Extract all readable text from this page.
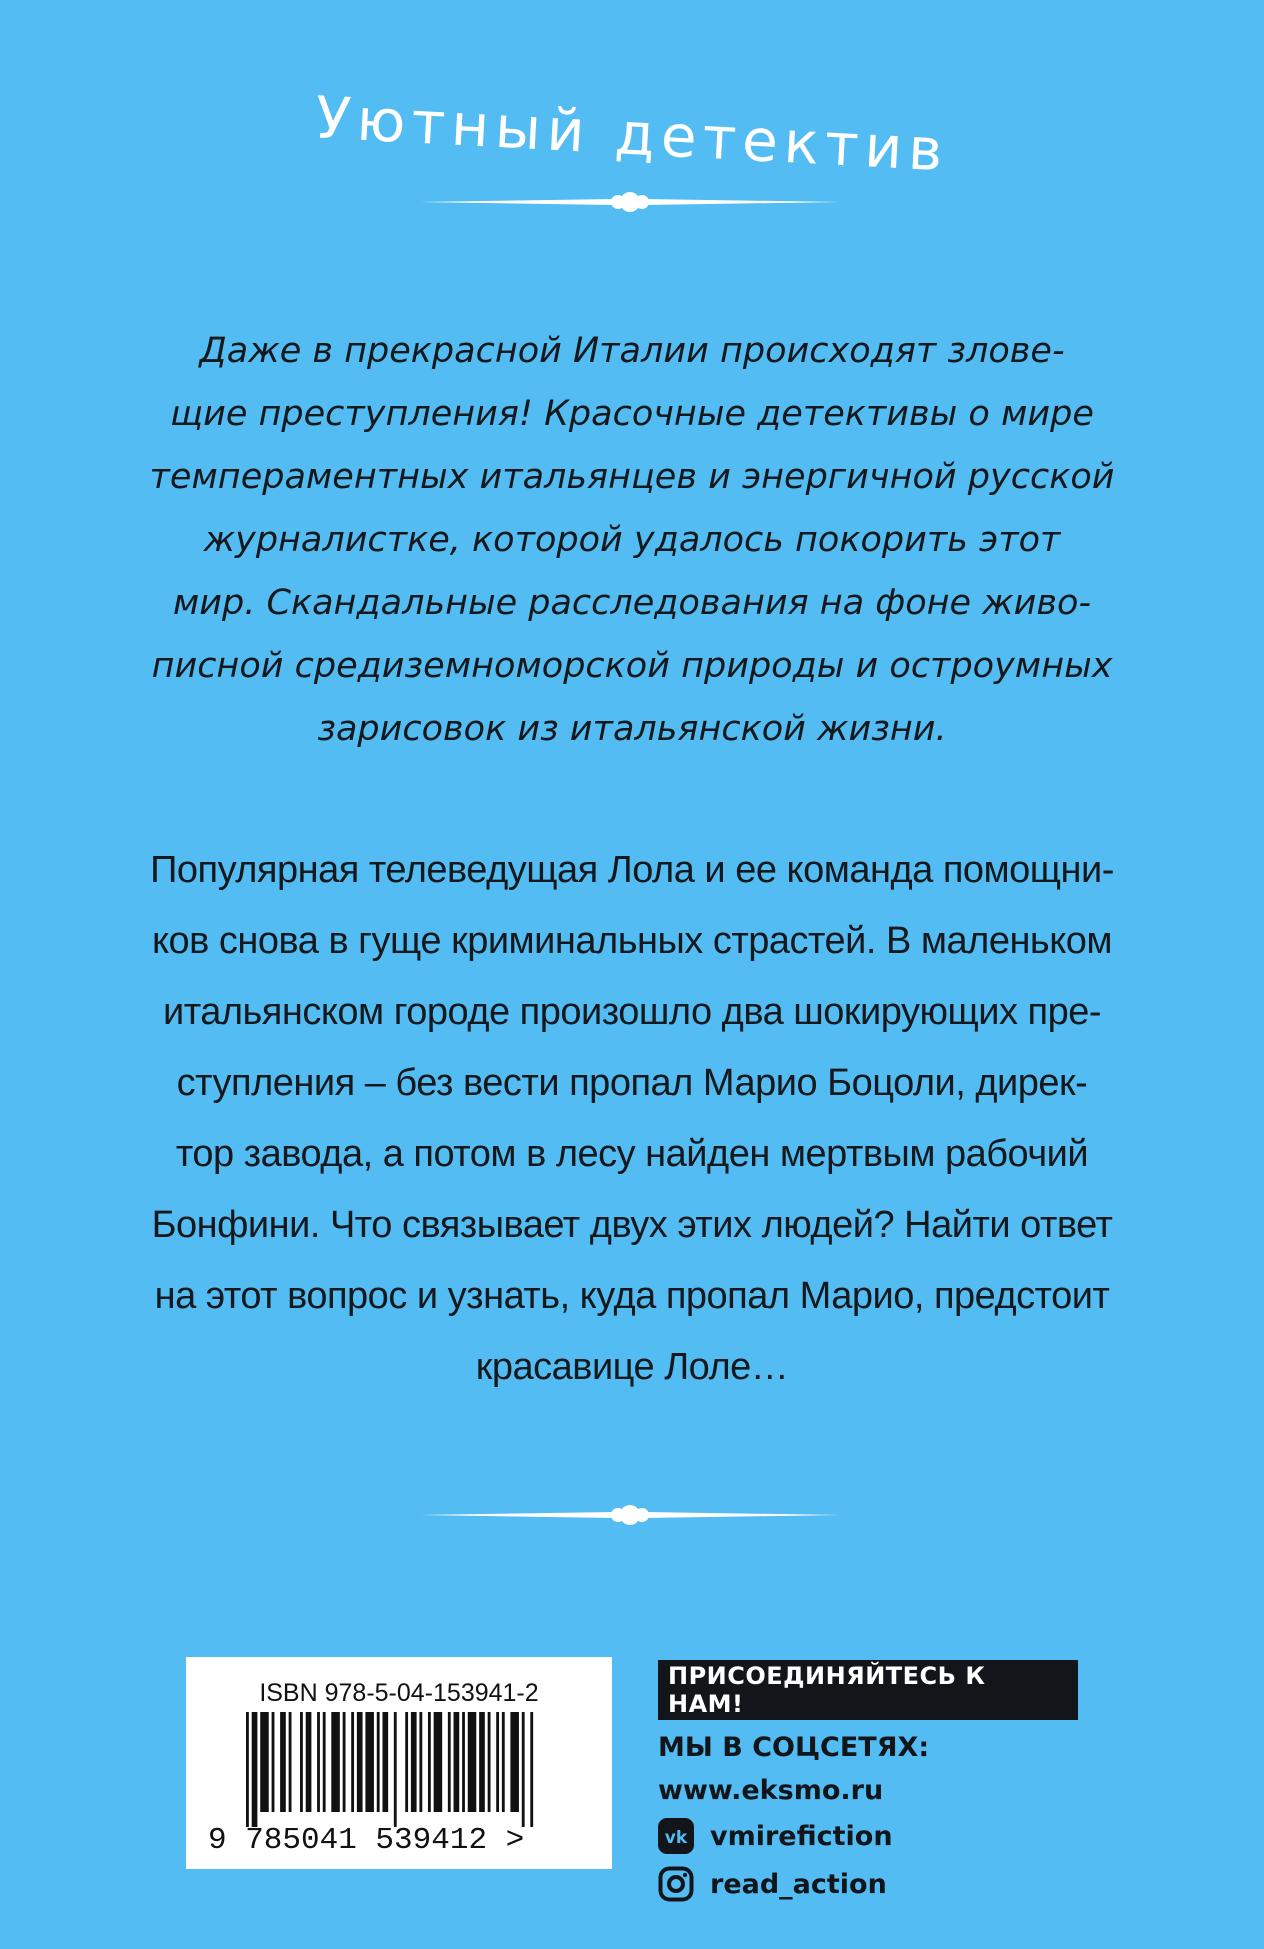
Уютный детектив

Даже в прекрасной Италии происходят злове-

щие преступления! Красочные детективы о мире

темпераментных итальянцев и энергичной русской

журналистке, которой удалось покорить этот

мир. Скандальные расследования на фоне живо-

писной средиземноморской природы и остроумных

зарисовок из итальянской жизни.

Популярная телеведущая Лола и ее команда помощни-

ков снова в гуще криминальных страстей. В маленьком

итальянском городе произошло два шокирующих пре-

ступления – без вести пропал Марио Боцоли, дирек-

тор завода, а потом в лесу найден мертвым рабочий

Бонфини. Что связывает двух этих людей? Найти ответ

на этот вопрос и узнать, куда пропал Марио, предстоит

красавице Лоле…

ISBN 978-5-04-153941-2
9 785041 539412 >
ПРИСОЕДИНЯЙТЕСЬ К НАМ!
МЫ В СОЦСЕТЯХ:
www.eksmo.ru
vk vmirefiction
read_action
